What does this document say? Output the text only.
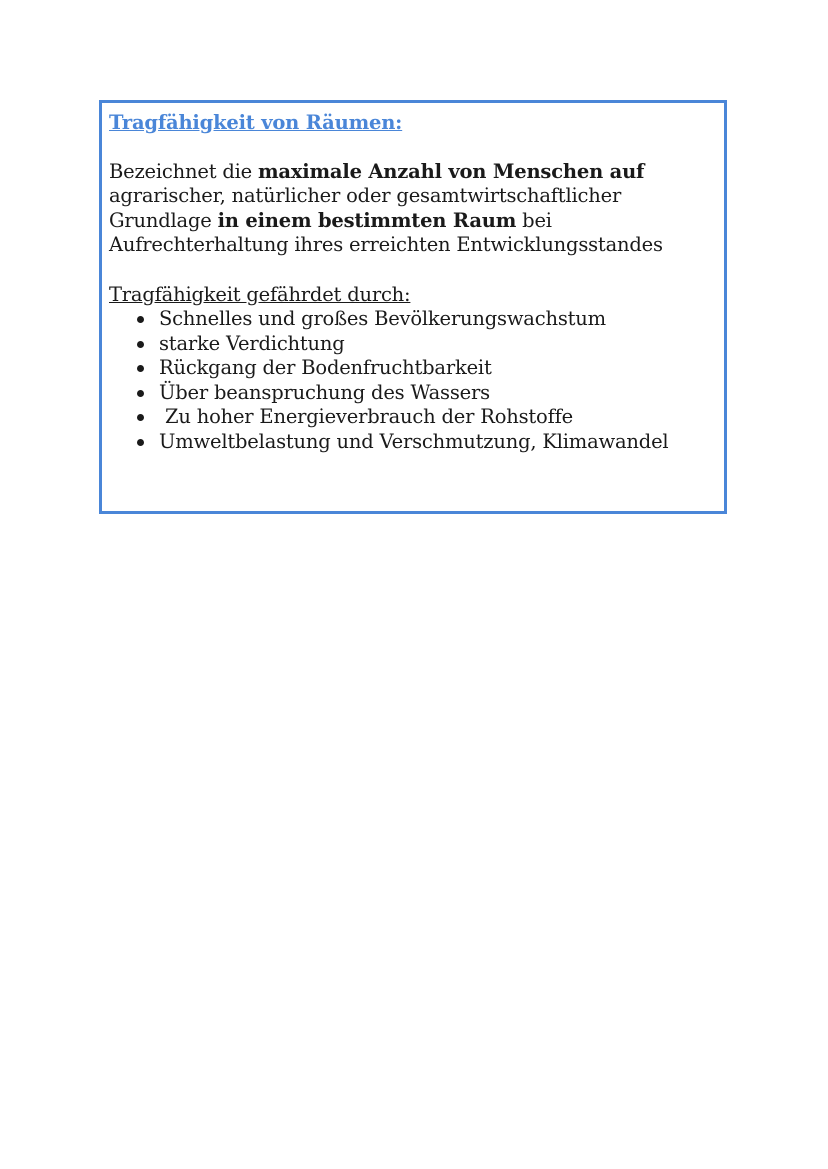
Tragfähigkeit von Räumen:

Bezeichnet die maximale Anzahl von Menschen auf agrarischer, natürlicher oder gesamtwirtschaftlicher Grundlage in einem bestimmten Raum bei Aufrechterhaltung ihres erreichten Entwicklungsstandes

Tragfähigkeit gefährdet durch:

Schnelles und großes Bevölkerungswachstum
starke Verdichtung
Rückgang der Bodenfruchtbarkeit
Über beanspruchung des Wassers
Zu hoher Energieverbrauch der Rohstoffe
Umweltbelastung und Verschmutzung, Klimawandel
